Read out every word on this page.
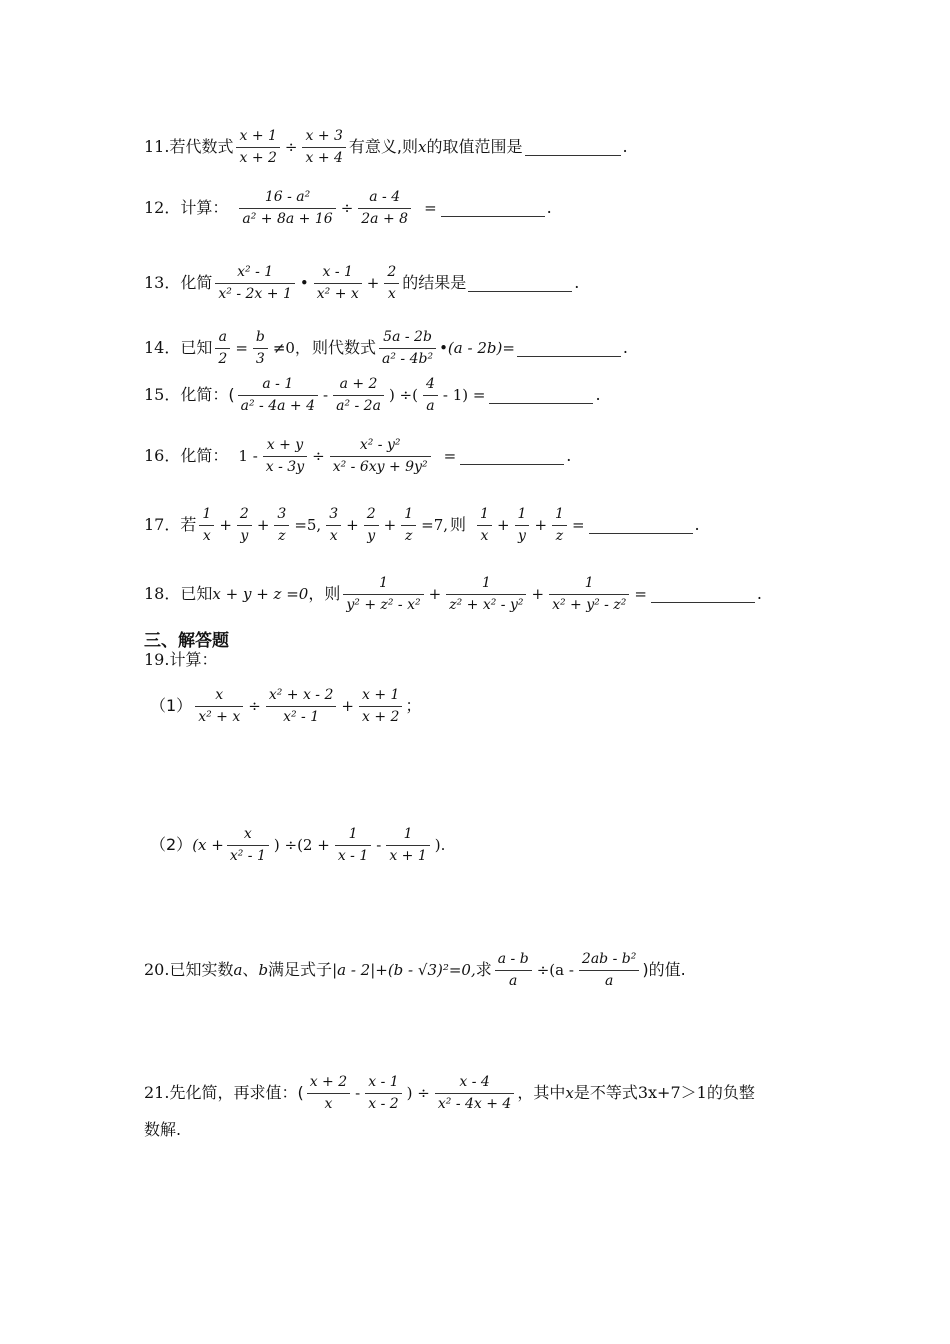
11. 若代数式 $\frac{x + 1}{x + 2} \div \frac{x + 3}{x + 4}$ 有意义,则 x 的取值范围是	.
12． 计算： $\frac{\text{16 - a²}}{\text{a² + 8a + 16}} \div \frac{a - 4}{2a + 8}$ =	.
13． 化简 $\frac{\text{x² - 1}}{\text{x² - 2x + 1}}$ • $\frac{x - 1}{\text{x² + x}} + \frac{2}{x}$ 的结果是	.
14． 已知 $\frac{a}{2} = \frac{b}{3} \ne 0$， 则代数式 $\frac{5a - 2b}{\text{a² - 4b²}}$ •(a - 2b)=	.
15． 化简：( $\frac{a - 1}{\text{a² - 4a + 4}} - \frac{a + 2}{\text{a² - 2a}}$ ) ÷( $\frac{4}{a} - 1$) =	.
16． 化简： $1 - \frac{x + y}{x - 3y} \div \frac{\text{x² - y²}}{\text{x² - 6xy + 9y²}}$ =	.
17． 若 $\frac{1}{x} + \frac{2}{y} + \frac{3}{z} =5$, $\frac{3}{x} + \frac{2}{y} + \frac{1}{z} =7$, 则 $\frac{1}{x} + \frac{1}{y} + \frac{1}{z}$ =	.
18． 已知 x + y + z =0 ，则 $\frac{1}{\text{y² + z² - x²}} + \frac{1}{\text{z² + x² - y²}} + \frac{1}{\text{x² + y² - z²}}$ =	.
三、解答题
19. 计算：
$(1) \frac{x}{\text{x² + x}} \div \frac{\text{x² + x - 2}}{\text{x² - 1}} + \frac{x + 1}{x + 2}$ ；
（2） ($x + \frac{x}{\text{x² - 1}}$ ) $\div(2 + \frac{1}{x - 1} - \frac{1}{x + 1}$ ).
20. 已知实数 a 、 b 满足式子 |a - 2|+(b - √3)²=0, 求 $\frac{a - b}{a} \div(a - \frac{\text{2ab - b²}}{a}$ )的值.
21. 先化简，再求值：( $\frac{x + 2}{x} - \frac{x - 1}{x - 2}$ ) ÷ $\frac{x - 4}{\text{x² - 4x + 4}}$ ，其中 x 是不等式 3x+7＞1 的负整
数解.
